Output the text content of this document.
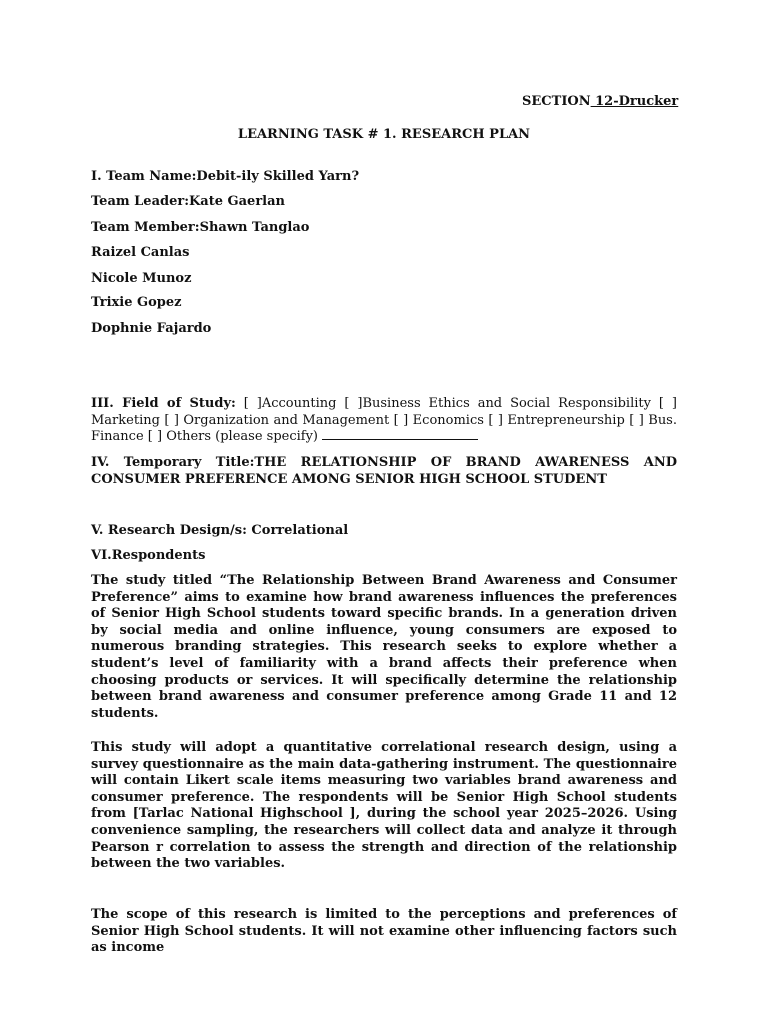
SECTION 12-Drucker
LEARNING TASK # 1. RESEARCH PLAN
I. Team Name:Debit-ily Skilled Yarn?
Team Leader:Kate Gaerlan
Team Member:Shawn Tanglao
Raizel Canlas
Nicole Munoz
Trixie Gopez
Dophnie Fajardo
III. Field of Study: [ ]Accounting [ ]Business Ethics and Social Responsibility [ ] Marketing [ ] Organization and Management [ ] Economics [ ] Entrepreneurship [ ] Bus. Finance [ ] Others (please specify)
IV. Temporary Title:THE RELATIONSHIP OF BRAND AWARENESS AND CONSUMER PREFERENCE AMONG SENIOR HIGH SCHOOL STUDENT
V. Research Design/s: Correlational
VI.Respondents
The study titled “The Relationship Between Brand Awareness and Consumer Preference” aims to examine how brand awareness influences the preferences of Senior High School students toward specific brands. In a generation driven by social media and online influence, young consumers are exposed to numerous branding strategies. This research seeks to explore whether a student’s level of familiarity with a brand affects their preference when choosing products or services. It will specifically determine the relationship between brand awareness and consumer preference among Grade 11 and 12 students.
This study will adopt a quantitative correlational research design, using a survey questionnaire as the main data-gathering instrument. The questionnaire will contain Likert scale items measuring two variables brand awareness and consumer preference. The respondents will be Senior High School students from [Tarlac National Highschool ], during the school year 2025–2026. Using convenience sampling, the researchers will collect data and analyze it through Pearson r correlation to assess the strength and direction of the relationship between the two variables.
The scope of this research is limited to the perceptions and preferences of Senior High School students. It will not examine other influencing factors such as income
